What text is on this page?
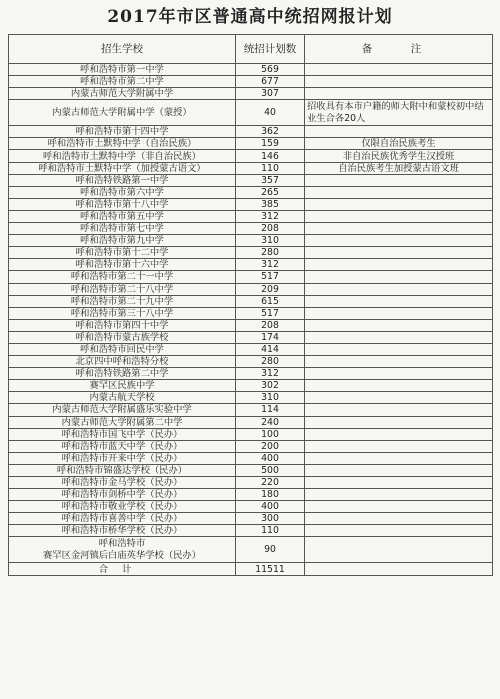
2017年市区普通高中统招网报计划
招生学校	统招计划数	备　注
呼和浩特市第一中学	569	
呼和浩特市第二中学	677	
内蒙古师范大学附属中学	307	
内蒙古师范大学附属中学（蒙授）	40	招收具有本市户籍的师大附中和蒙校初中结业生合各20人
呼和浩特市第十四中学	362	
呼和浩特市土默特中学（自治民族）	159	仅限自治民族考生
呼和浩特市土默特中学（非自治民族）	146	非自治民族优秀学生汉授班
呼和浩特市土默特中学（加授蒙古语文）	110	自治民族考生加授蒙古语文班
呼和浩特铁路第一中学	357	
呼和浩特市第六中学	265	
呼和浩特市第十八中学	385	
呼和浩特市第五中学	312	
呼和浩特市第七中学	208	
呼和浩特市第九中学	310	
呼和浩特市第十二中学	280	
呼和浩特市第十六中学	312	
呼和浩特市第二十一中学	517	
呼和浩特市第二十八中学	209	
呼和浩特市第二十九中学	615	
呼和浩特市第三十八中学	517	
呼和浩特市第四十中学	208	
呼和浩特市蒙古族学校	174	
呼和浩特市回民中学	414	
北京四中呼和浩特分校	280	
呼和浩特铁路第二中学	312	
赛罕区民族中学	302	
内蒙古航天学校	310	
内蒙古师范大学附属盛乐实验中学	114	
内蒙古师范大学附属第二中学	240	
呼和浩特市国飞中学（民办）	100	
呼和浩特市蓝天中学（民办）	200	
呼和浩特市开来中学（民办）	400	
呼和浩特市锦盛达学校（民办）	500	
呼和浩特市金马学校（民办）	220	
呼和浩特市剑桥中学（民办）	180	
呼和浩特市敬业学校（民办）	400	
呼和浩特市喜善中学（民办）	300	
呼和浩特市桥华学校（民办）	110	

呼和浩特市
赛罕区金河镇后白庙英华学校（民办）	90	
合计	11511	
